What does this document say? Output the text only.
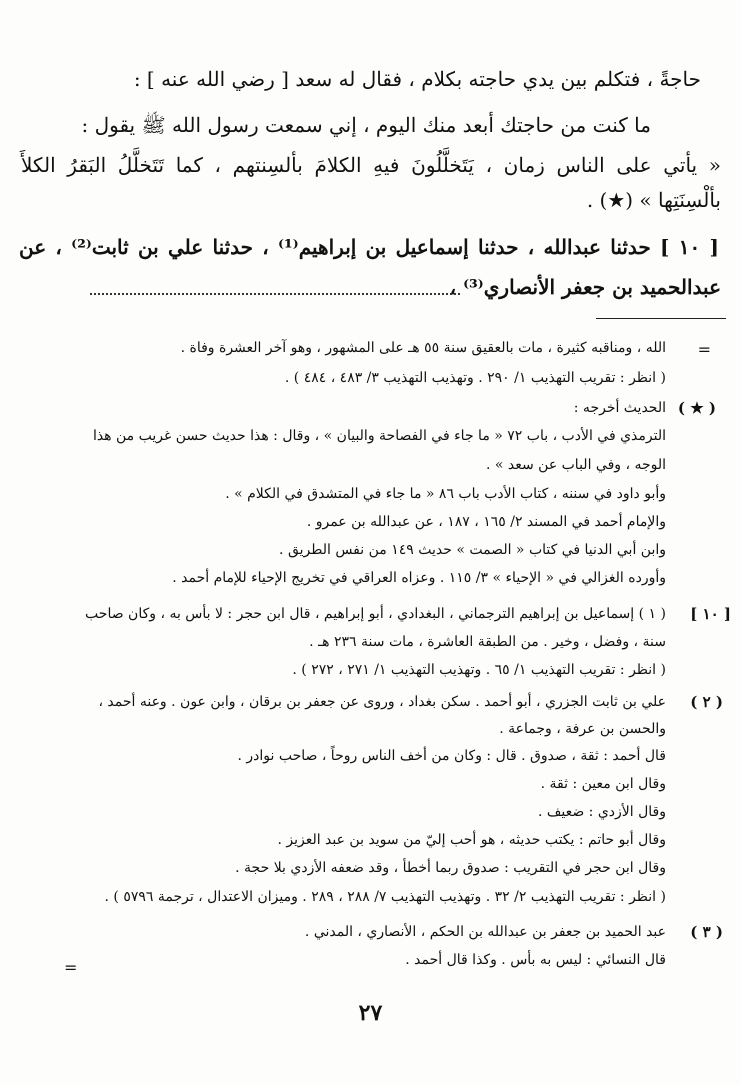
حاجةً ، فتكلم بين يدي حاجته بكلام ، فقال له سعد [ رضي الله عنه ] :
ما كنت من حاجتك أبعد منك اليوم ، إني سمعت رسول الله ﷺ يقول :
« يأتي على الناس زمان ، يَتَخلَّلُونَ فيهِ الكلامَ بألسِنتهم ، كما تَتَخلَّلُ البَقرُ الكلأَ
بألْسِنَتِها » (★) .
[ ١٠ ] حدثنا عبدالله ، حدثنا إسماعيل بن إبراهيم⁽¹⁾ ، حدثنا علي بن ثابت⁽²⁾ ، عن
عبدالحميد بن جعفر الأنصاري⁽³⁾ ،
=
الله ، ومناقبه كثيرة ، مات بالعقيق سنة ٥٥ هـ على المشهور ، وهو آخر العشرة وفاة .
( انظر : تقريب التهذيب ١/ ٢٩٠ . وتهذيب التهذيب ٣/ ٤٨٣ ، ٤٨٤ ) .
( ★ )
الحديث أخرجه :
الترمذي في الأدب ، باب ٧٢ « ما جاء في الفصاحة والبيان » ، وقال : هذا حديث حسن غريب من هذا
الوجه ، وفي الباب عن سعد » .
وأبو داود في سننه ، كتاب الأدب باب ٨٦ « ما جاء في المتشدق في الكلام » .
والإمام أحمد في المسند ٢/ ١٦٥ ، ١٨٧ ، عن عبدالله بن عمرو .
وابن أبي الدنيا في كتاب « الصمت » حديث ١٤٩ من نفس الطريق .
وأورده الغزالي في « الإحياء » ٣/ ١١٥ . وعزاه العراقي في تخريج الإحياء للإمام أحمد .
[ ١٠ ]
( ١ ) إسماعيل بن إبراهيم الترجماني ، البغدادي ، أبو إبراهيم ، قال ابن حجر : لا بأس به ، وكان صاحب
سنة ، وفضل ، وخير . من الطبقة العاشرة ، مات سنة ٢٣٦ هـ .
( انظر : تقريب التهذيب ١/ ٦٥ . وتهذيب التهذيب ١/ ٢٧١ ، ٢٧٢ ) .
( ٢ )
علي بن ثابت الجزري ، أبو أحمد . سكن بغداد ، وروى عن جعفر بن برقان ، وابن عون . وعنه أحمد ،
والحسن بن عرفة ، وجماعة .
قال أحمد : ثقة ، صدوق . قال : وكان من أخف الناس روحاً ، صاحب نوادر .
وقال ابن معين : ثقة .
وقال الأزدي : ضعيف .
وقال أبو حاتم : يكتب حديثه ، هو أحب إليّ من سويد بن عبد العزيز .
وقال ابن حجر في التقريب : صدوق ربما أخطأ ، وقد ضعفه الأزدي بلا حجة .
( انظر : تقريب التهذيب ٢/ ٣٢ . وتهذيب التهذيب ٧/ ٢٨٨ ، ٢٨٩ . وميزان الاعتدال ، ترجمة ٥٧٩٦ ) .
( ٣ )
عبد الحميد بن جعفر بن عبدالله بن الحكم ، الأنصاري ، المدني .
قال النسائي : ليس به بأس . وكذا قال أحمد .
=
٢٧
